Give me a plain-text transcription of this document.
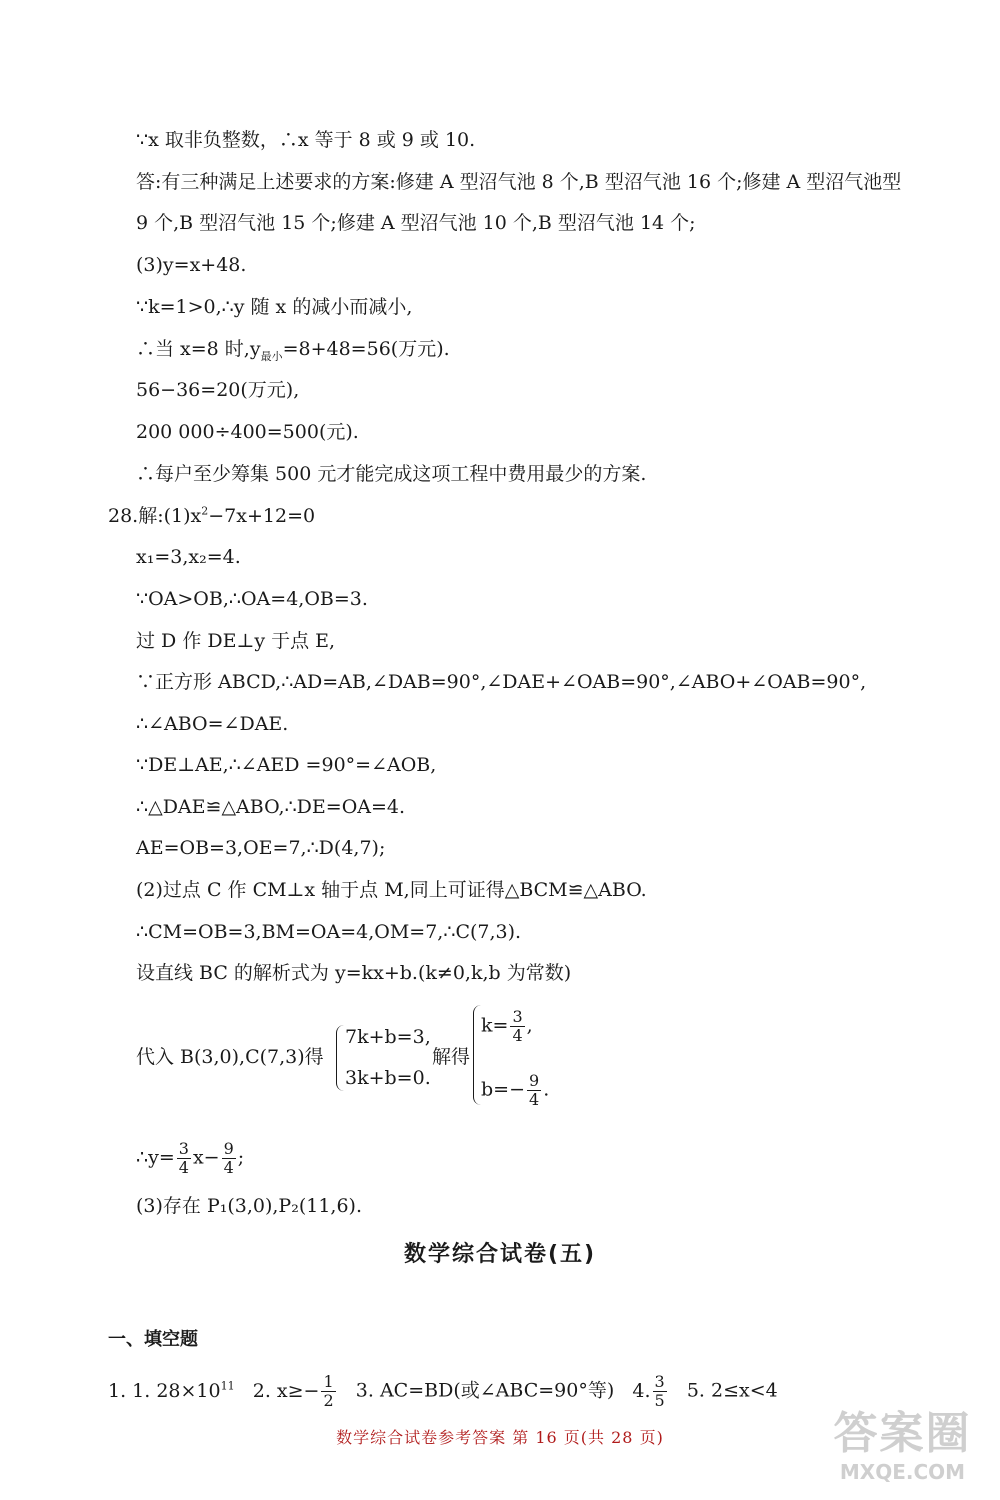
∵x 取非负整数，∴x 等于 8 或 9 或 10.
答:有三种满足上述要求的方案:修建 A 型沼气池 8 个,B 型沼气池 16 个;修建 A 型沼气池型
9 个,B 型沼气池 15 个;修建 A 型沼气池 10 个,B 型沼气池 14 个;
(3)y=x+48.
∵k=1>0,∴y 随 x 的减小而减小,
∴当 x=8 时$,y_{最小}=8+48=56$(万元).
56−36=20(万元),
200 000÷400=500(元).
∴每户至少筹集 500 元才能完成这项工程中费用最少的方案.
28.解$:(1)x^2-7x+12=0$
x₁=3,x₂=4.
∵OA>OB,∴OA=4,OB=3.
过 D 作 DE⊥y 于点 E,
∵正方形 ABCD,∴AD=AB,∠DAB=90°,∠DAE+∠OAB=90°,∠ABO+∠OAB=90°,
∴∠ABO=∠DAE.
∵DE⊥AE,∴∠AED =90°=∠AOB,
∴△DAE≌△ABO,∴DE=OA=4.
AE=OB=3,OE=7,∴D(4,7);
(2)过点 C 作 CM⊥x 轴于点 M,同上可证得△BCM≌△ABO.
∴CM=OB=3,BM=OA=4,OM=7,∴C(7,3).
设直线 BC 的解析式为 y=kx+b.(k≠0,k,b 为常数)
代入 B(3,0),C(7,3)得
7k+b=3,
3k+b=0.
解得
$k= \frac{3}{4}$ ,
$b=- \frac{9}{4}$ .
∴y= $\frac{3}{4} x- \frac{9}{4}$ ;
(3)存在 P₁(3,0),P₂(11,6).
数学综合试卷(五)
一、填空题
1. 1. $28\times 10^{11}$ 2. $x\ge- \frac{1}{2} 3$. AC=BD(或∠ABC=90°等) 4. $\frac{3}{5} 5$. 2≤x<4
数学综合试卷参考答案 第 16 页(共 28 页)	答案圈
MXQE.COM
